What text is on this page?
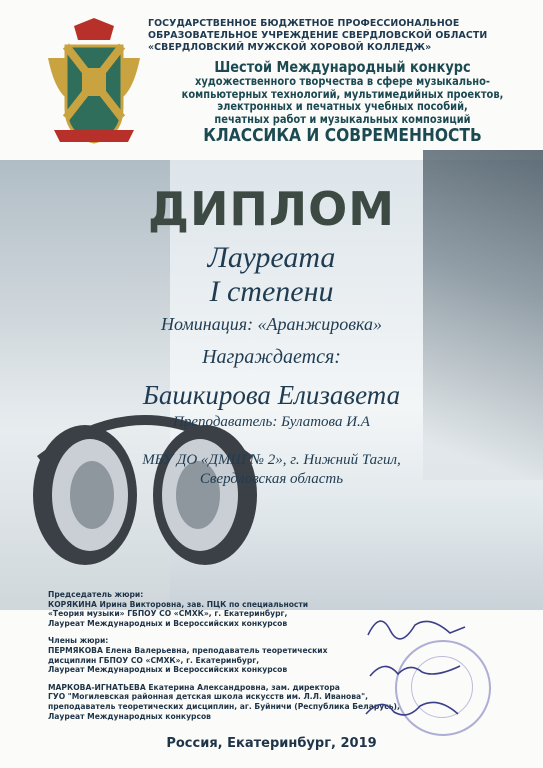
ГОСУДАРСТВЕННОЕ БЮДЖЕТНОЕ ПРОФЕССИОНАЛЬНОЕ
ОБРАЗОВАТЕЛЬНОЕ УЧРЕЖДЕНИЕ СВЕРДЛОВСКОЙ ОБЛАСТИ
«СВЕРДЛОВСКИЙ МУЖСКОЙ ХОРОВОЙ КОЛЛЕДЖ»
Шестой Международный конкурс
художественного творчества в сфере музыкально-
компьютерных технологий, мультимедийных проектов,
электронных и печатных учебных пособий,
печатных работ и музыкальных композиций
КЛАССИКА И СОВРЕМЕННОСТЬ
ДИПЛОМ
Лауреата
I степени
Номинация: «Аранжировка»
Награждается:
Башкирова Елизавета
Преподаватель: Булатова И.А
МБУ ДО «ДМШ № 2», г. Нижний Тагил,
Свердловская область
Председатель жюри:
КОРЯКИНА Ирина Викторовна, зав. ПЦК по специальности
«Теория музыки» ГБПОУ СО «СМХК», г. Екатеринбург,
Лауреат Международных и Всероссийских конкурсов
Члены жюри:
ПЕРМЯКОВА Елена Валерьевна, преподаватель теоретических
дисциплин ГБПОУ СО «СМХК», г. Екатеринбург,
Лауреат Международных и Всероссийских конкурсов
МАРКОВА-ИГНАТЬЕВА Екатерина Александровна, зам. директора
ГУО "Могилевская районная детская школа искусств им. Л.Л. Иванова",
преподаватель теоретических дисциплин, аг. Буйничи (Республика Беларусь),
Лауреат Международных конкурсов
Россия, Екатеринбург, 2019
